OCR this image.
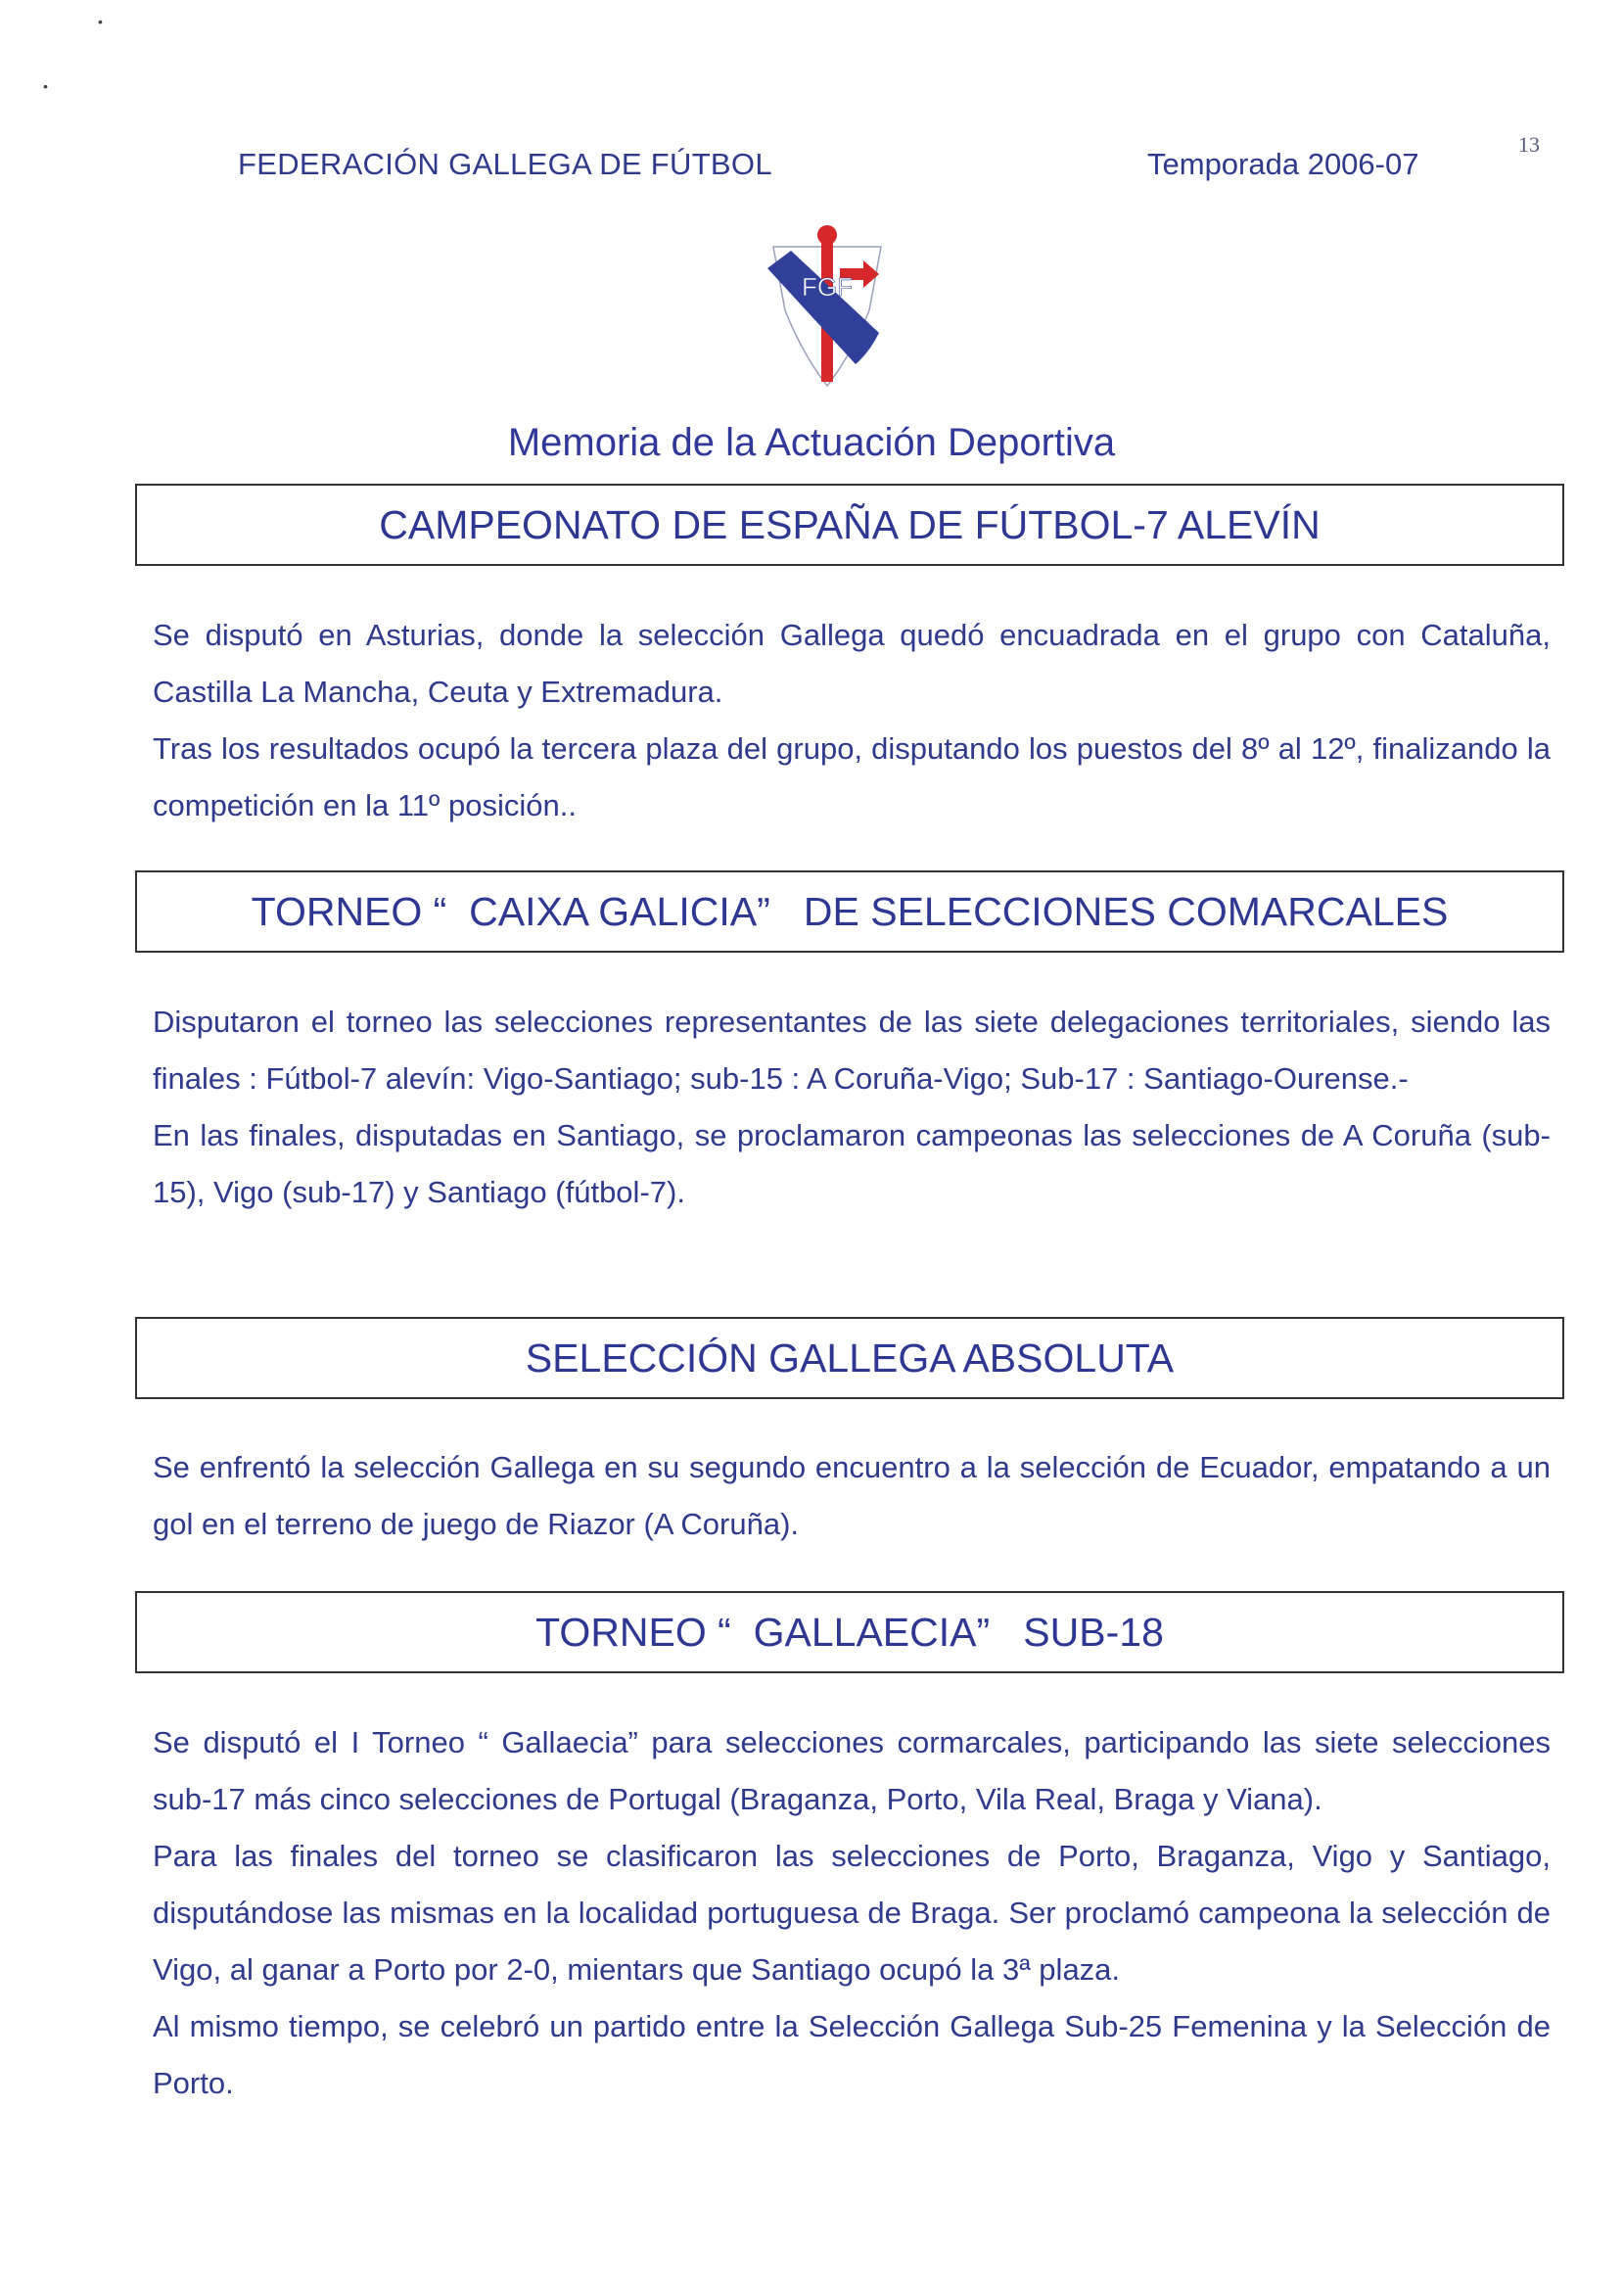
•
•
FEDERACIÓN GALLEGA DE FÚTBOL	Temporada 2006-07
13
FGF
Memoria de la Actuación Deportiva
CAMPEONATO DE ESPAÑA DE FÚTBOL-7 ALEVÍN

Se disputó en Asturias, donde la selección Gallega quedó encuadrada en el grupo con Cataluña, Castilla La Mancha, Ceuta y Extremadura.

Tras los resultados ocupó la tercera plaza del grupo, disputando los puestos del 8º al 12º, finalizando la competición en la 11º posición..

TORNEO “  CAIXA GALICIA”   DE SELECCIONES COMARCALES

Disputaron el torneo las selecciones representantes de las siete delegaciones territoriales, siendo las finales : Fútbol-7 alevín: Vigo-Santiago; sub-15 : A Coruña-Vigo; Sub-17 : Santiago-Ourense.-

En las finales, disputadas en Santiago, se proclamaron campeonas las selecciones de A Coruña (sub-15), Vigo (sub-17) y Santiago (fútbol-7).

SELECCIÓN GALLEGA ABSOLUTA

Se enfrentó la selección Gallega en su segundo encuentro a la selección de Ecuador, empatando a un gol en el terreno de juego de Riazor (A Coruña).

TORNEO “  GALLAECIA”   SUB-18

Se disputó el I Torneo “ Gallaecia” para selecciones cormarcales, participando las siete selecciones sub-17 más cinco selecciones de Portugal (Braganza, Porto, Vila Real, Braga y Viana).

Para las finales del torneo se clasificaron las selecciones de Porto, Braganza, Vigo y Santiago, disputándose las mismas en la localidad portuguesa de Braga. Ser proclamó campeona la selección de Vigo, al ganar a Porto por 2-0, mientars que Santiago ocupó la 3ª plaza.

Al mismo tiempo, se celebró un partido entre la Selección Gallega Sub-25 Femenina y la Selección de Porto.
